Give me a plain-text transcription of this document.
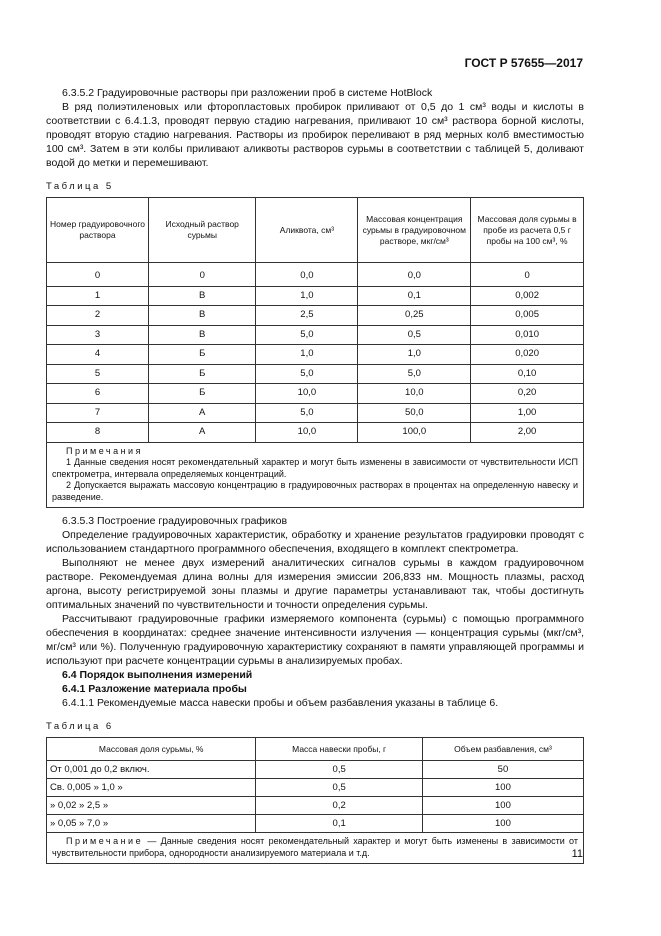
ГОСТ Р 57655—2017

6.3.5.2 Градуировочные растворы при разложении проб в системе HotBlock

В ряд полиэтиленовых или фторопластовых пробирок приливают от 0,5 до 1 см³ воды и кислоты в соответствии с 6.4.1.3, проводят первую стадию нагревания, приливают 10 см³ раствора борной кислоты, проводят вторую стадию нагревания. Растворы из пробирок переливают в ряд мерных колб вместимостью 100 см³. Затем в эти колбы приливают аликвоты растворов сурьмы в соответствии с таблицей 5, доливают водой до метки и перемешивают.

Таблица 5
Номер градуировочного раствора	Исходный раствор сурьмы	Аликвота, см³	Массовая концентрация сурьмы в градуировочном растворе, мкг/см³	Массовая доля сурьмы в пробе из расчета 0,5 г пробы на 100 см³, %
0	0	0,0	0,0	0
1	В	1,0	0,1	0,002
2	В	2,5	0,25	0,005
3	В	5,0	0,5	0,010
4	Б	1,0	1,0	0,020
5	Б	5,0	5,0	0,10
6	Б	10,0	10,0	0,20
7	А	5,0	50,0	1,00
8	А	10,0	100,0	2,00

Примечания
1 Данные сведения носят рекомендательный характер и могут быть изменены в зависимости от чувствительности ИСП спектрометра, интервала определяемых концентраций.
2 Допускается выражать массовую концентрацию в градуировочных растворах в процентах на определенную навеску и разведение.				

6.3.5.3 Построение градуировочных графиков

Определение градуировочных характеристик, обработку и хранение результатов градуировки проводят с использованием стандартного программного обеспечения, входящего в комплект спектрометра.

Выполняют не менее двух измерений аналитических сигналов сурьмы в каждом градуировочном растворе. Рекомендуемая длина волны для измерения эмиссии 206,833 нм. Мощность плазмы, расход аргона, высоту регистрируемой зоны плазмы и другие параметры устанавливают так, чтобы достигнуть оптимальных значений по чувствительности и точности определения сурьмы.

Рассчитывают градуировочные графики измеряемого компонента (сурьмы) с помощью программного обеспечения в координатах: среднее значение интенсивности излучения — концентрация сурьмы (мкг/см³, мг/см³ или %). Полученную градуировочную характеристику сохраняют в памяти управляющей программы и используют при расчете концентрации сурьмы в анализируемых пробах.

6.4 Порядок выполнения измерений

6.4.1 Разложение материала пробы

6.4.1.1 Рекомендуемые масса навески пробы и объем разбавления указаны в таблице 6.

Таблица 6
Массовая доля сурьмы, %	Масса навески пробы, г	Объем разбавления, см³
От 0,001 до 0,2 включ.	0,5	50
Св. 0,005 » 1,0 »	0,5	100
» 0,02 » 2,5 »	0,2	100
» 0,05 » 7,0 »	0,1	100

Примечание — Данные сведения носят рекомендательный характер и могут быть изменены в зависимости от чувствительности прибора, однородности анализируемого материала и т.д.			11
